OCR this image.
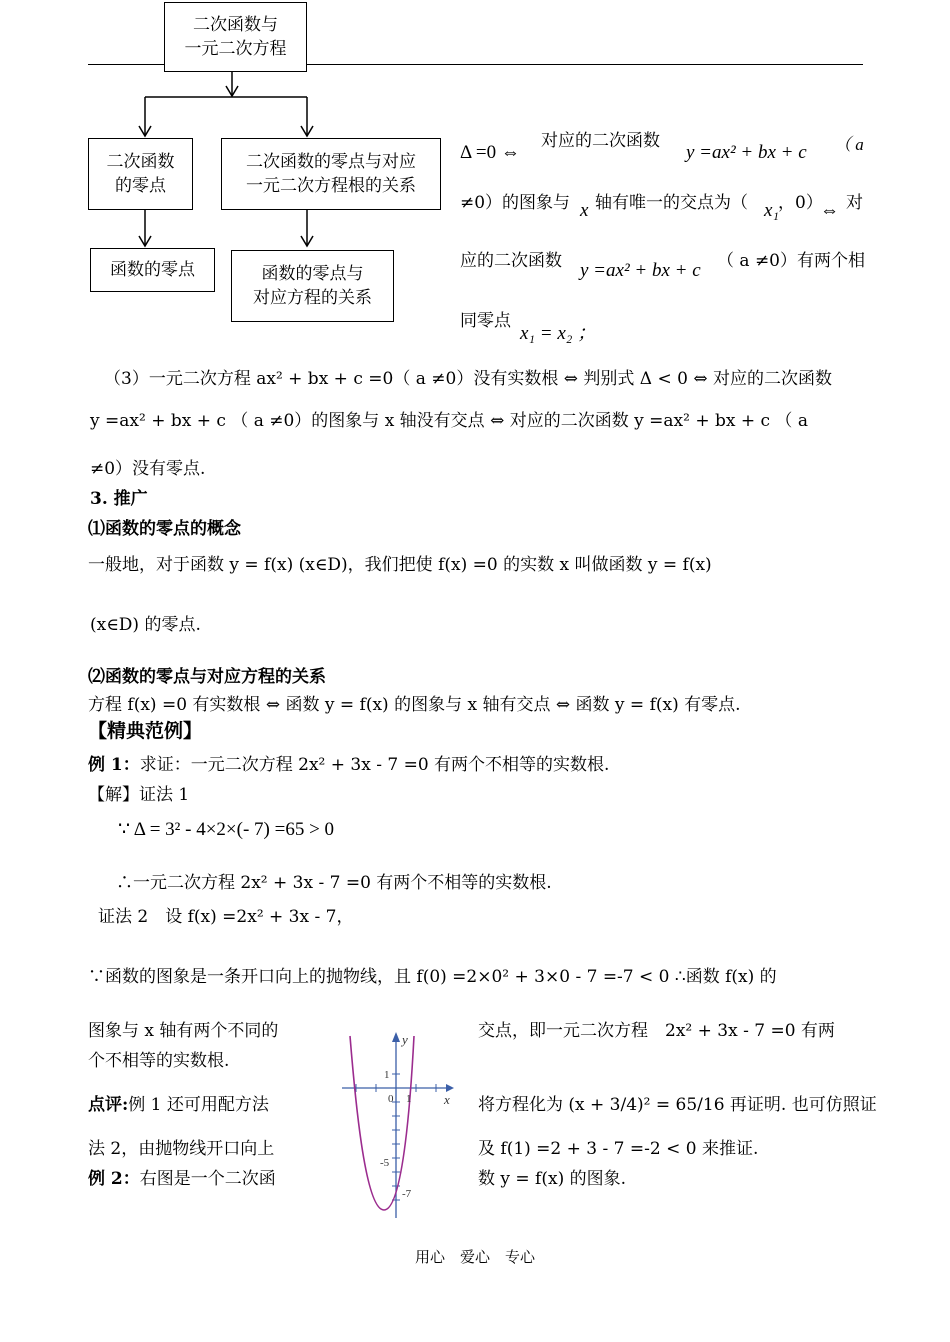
二次函数与
一元二次方程
二次函数
的零点
二次函数的零点与对应
一元二次方程根的关系
函数的零点	函数的零点与
对应方程的关系
Δ =0 ⇔
对应的二次函数
y =ax² + bx + c （ a
≠0）的图象与 x 轴有唯一的交点为（ x₁
，0）
⇔ 对
应的二次函数 y =ax² + bx + c （ a ≠0）有两个相
同零点
x₁ = x₂ ；
（3）一元二次方程 ax² + bx + c =0（ a ≠0）没有实数根 ⇔ 判别式 Δ < 0 ⇔ 对应的二次函数
y =ax² + bx + c （ a ≠0）的图象与 x 轴没有交点 ⇔ 对应的二次函数 y =ax² + bx + c （ a
≠0）没有零点.
3. 推广
⑴函数的零点的概念
一般地，对于函数 y = f(x) (x∈D)，我们把使 f(x) =0 的实数 x 叫做函数 y = f(x)
(x∈D) 的零点.
⑵函数的零点与对应方程的关系
方程 f(x) =0 有实数根 ⇔ 函数 y = f(x) 的图象与 x 轴有交点 ⇔ 函数 y = f(x) 有零点.
【精典范例】
例 1：求证：一元二次方程 2x² + 3x - 7 =0 有两个不相等的实数根.
【解】证法 1
∵ Δ = 3² - 4×2×(- 7) =65 > 0
∴一元二次方程 2x² + 3x - 7 =0 有两个不相等的实数根.
证法 2　设 f(x) =2x² + 3x - 7，
∵函数的图象是一条开口向上的抛物线，且 f(0) =2×0² + 3×0 - 7 =-7 < 0 ∴函数 f(x) 的
图象与 x 轴有两个不同的
个不相等的实数根.
交点，即一元二次方程　2x² + 3x - 7 =0 有两
点评:例 1 还可用配方法	将方程化为 (x + 3/4)² = 65/16 再证明. 也可仿照证
法 2，由抛物线开口向上	及 f(1) =2 + 3 - 7 =-2 < 0 来推证.
例 2：右图是一个二次函	数 y = f(x) 的图象.
y
x
1
0 1
-5
-7
用心　爱心　专心
